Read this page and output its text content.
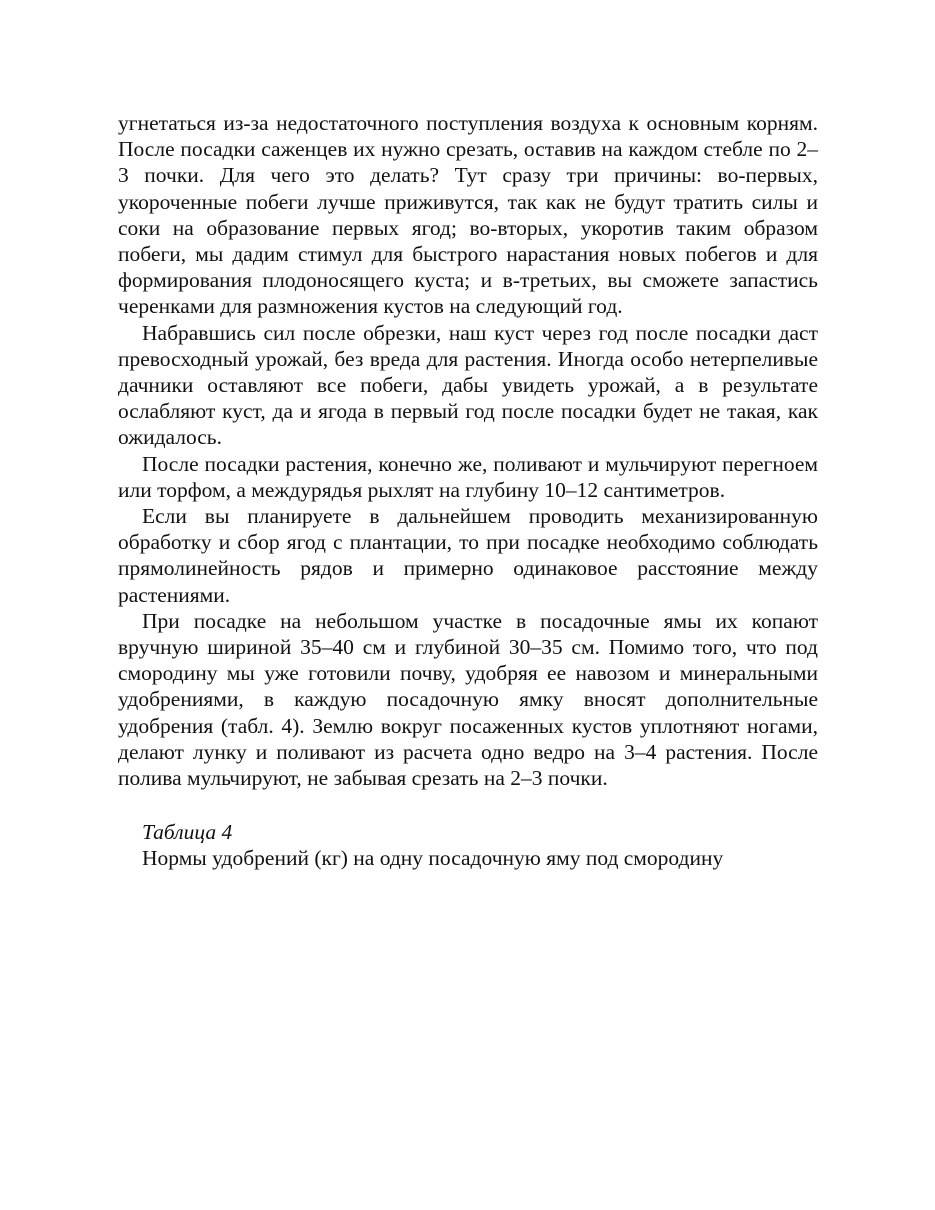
угнетаться из-за недостаточного поступления воздуха к основным корням. После посадки саженцев их нужно срезать, оставив на каждом стебле по 2–3 почки. Для чего это делать? Тут сразу три причины: во-первых, укороченные побеги лучше приживутся, так как не будут тратить силы и соки на образование первых ягод; во-вторых, укоротив таким образом побеги, мы дадим стимул для быстрого нарастания новых побегов и для формирования плодоносящего куста; и в-третьих, вы сможете запастись черенками для размножения кустов на следующий год.

Набравшись сил после обрезки, наш куст через год после посадки даст превосходный урожай, без вреда для растения. Иногда особо нетерпеливые дачники оставляют все побеги, дабы увидеть урожай, а в результате ослабляют куст, да и ягода в первый год после посадки будет не такая, как ожидалось.

После посадки растения, конечно же, поливают и мульчируют перегноем или торфом, а междурядья рыхлят на глубину 10–12 сантиметров.

Если вы планируете в дальнейшем проводить механизированную обработку и сбор ягод с плантации, то при посадке необходимо соблюдать прямолинейность рядов и примерно одинаковое расстояние между растениями.

При посадке на небольшом участке в посадочные ямы их копают вручную шириной 35–40 см и глубиной 30–35 см. Помимо того, что под смородину мы уже готовили почву, удобряя ее навозом и минеральными удобрениями, в каждую посадочную ямку вносят дополнительные удобрения (табл. 4). Землю вокруг посаженных кустов уплотняют ногами, делают лунку и поливают из расчета одно ведро на 3–4 растения. После полива мульчируют, не забывая срезать на 2–3 почки.

Таблица 4

Нормы удобрений (кг) на одну посадочную яму под смородину
